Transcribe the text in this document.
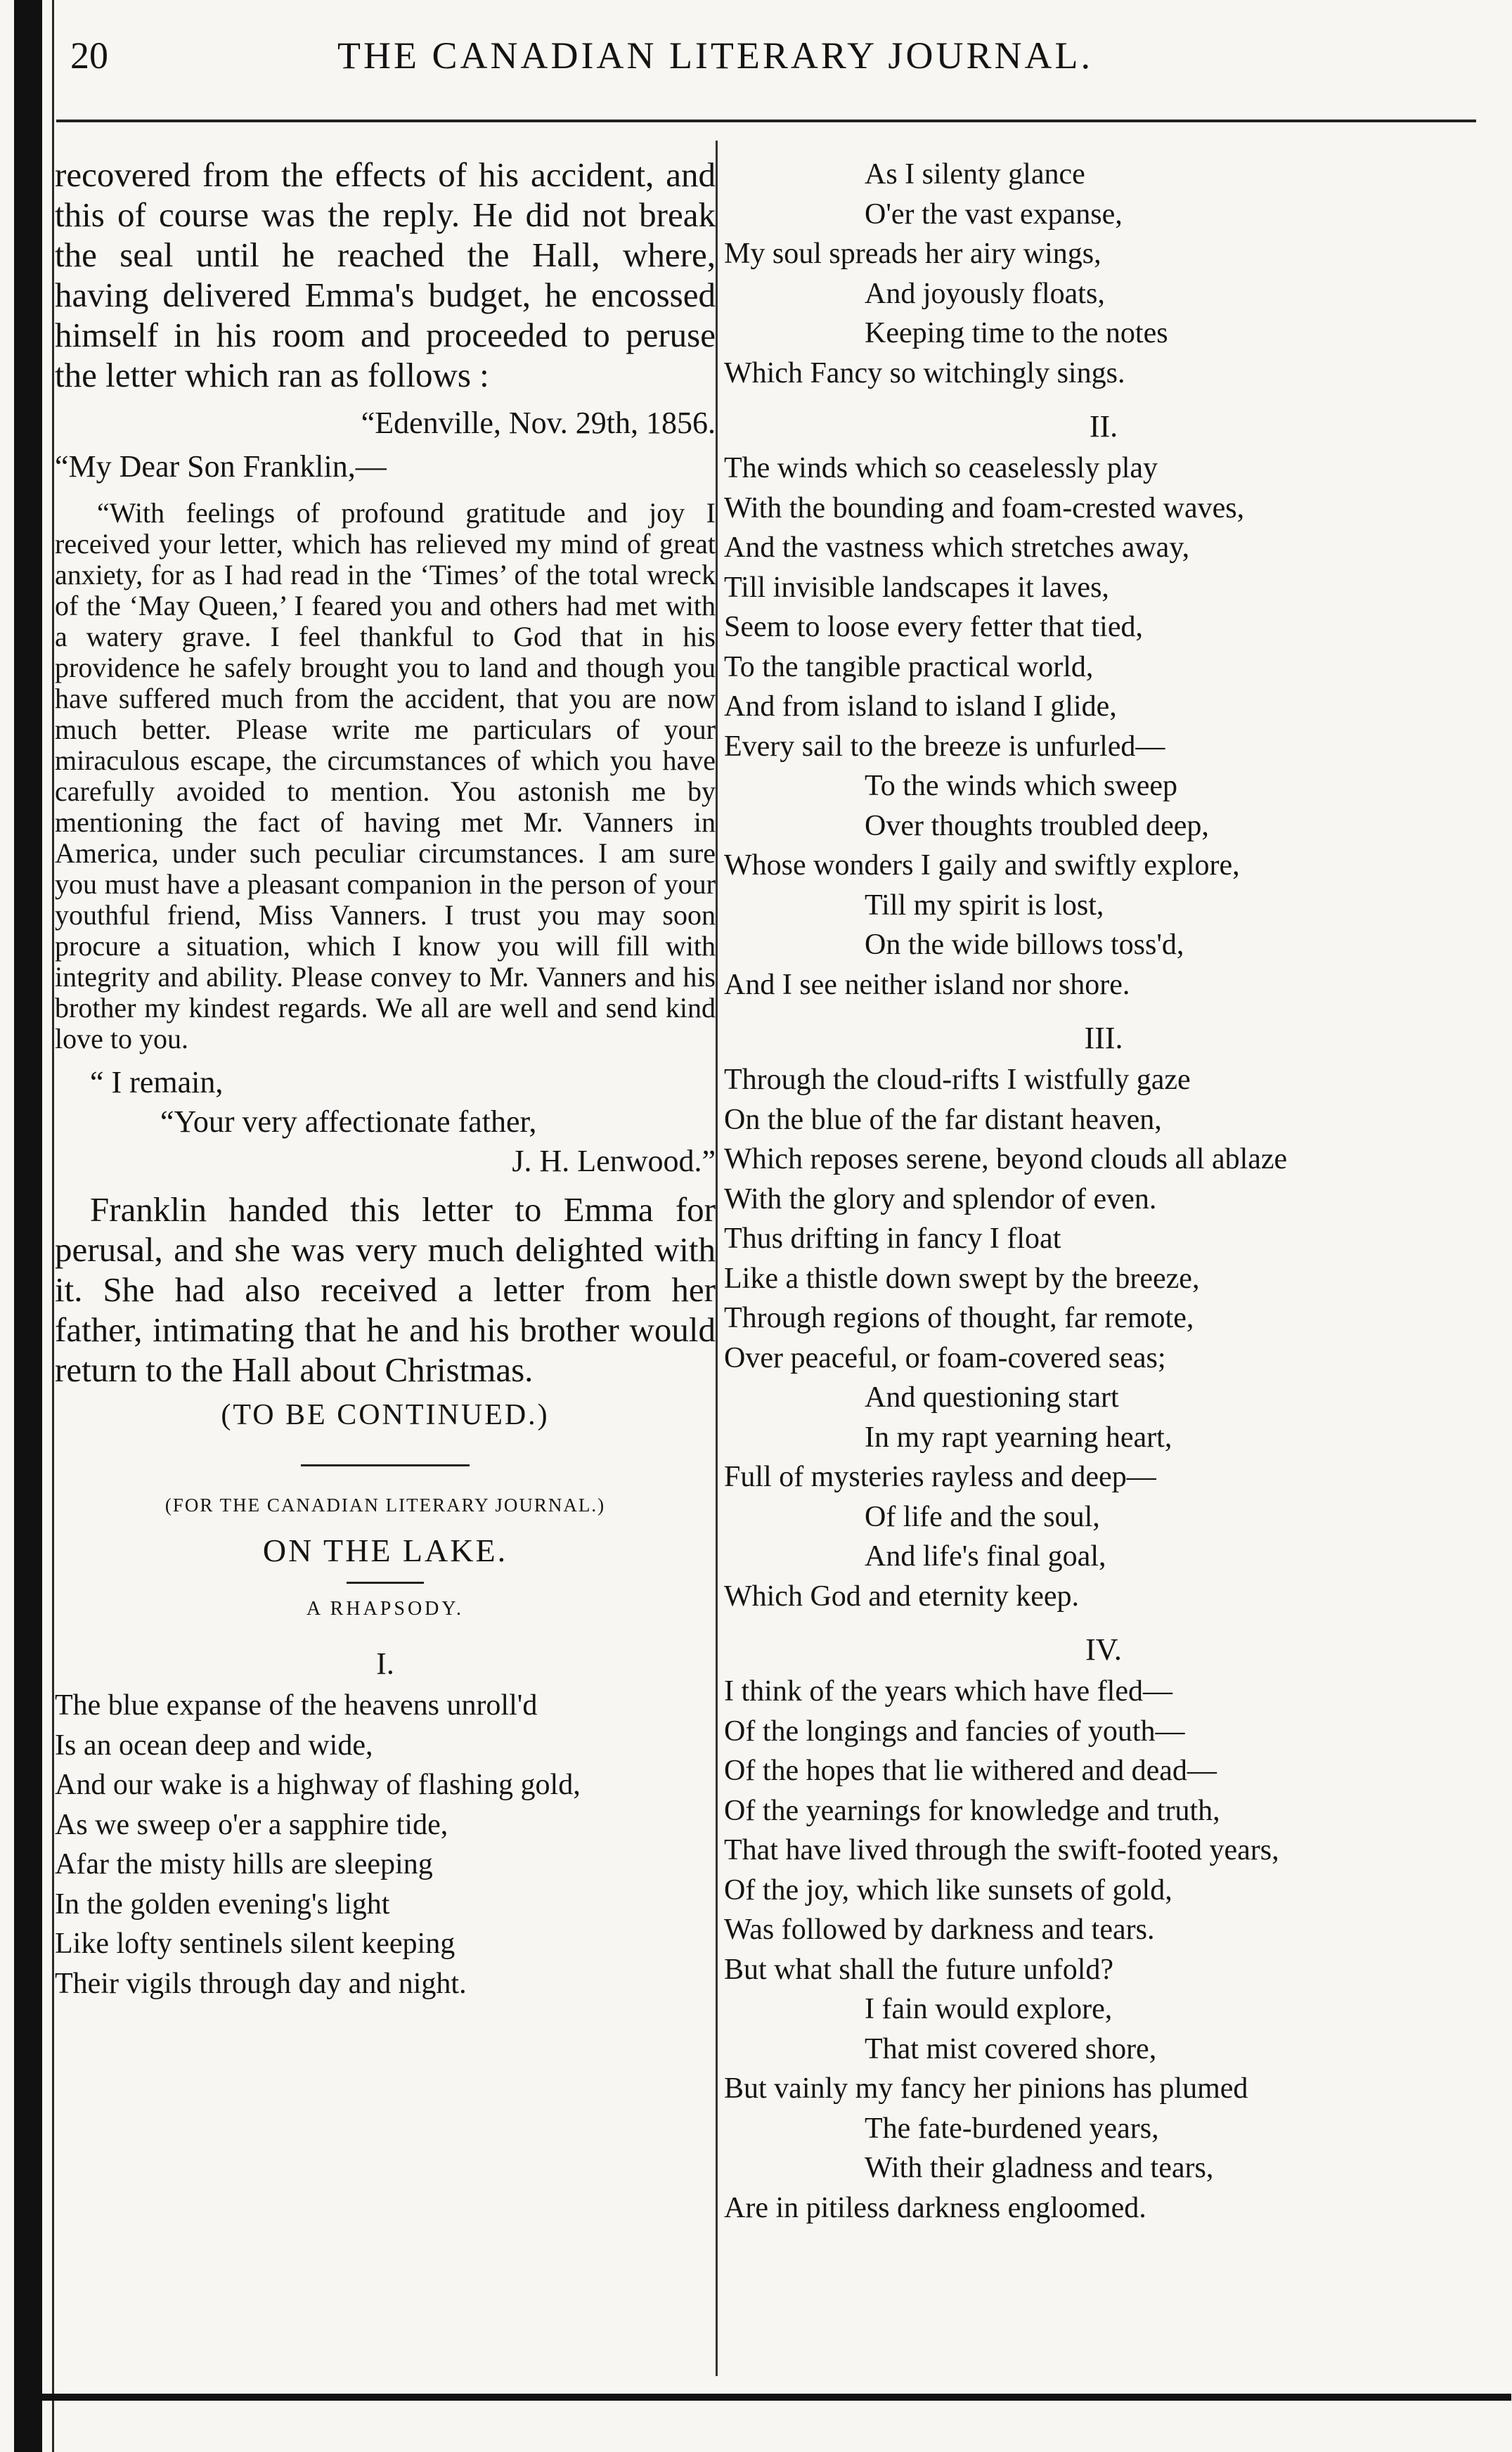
20	THE CANADIAN LITERARY JOURNAL.

recovered from the effects of his accident, and this of course was the reply. He did not break the seal until he reached the Hall, where, having delivered Emma's budget, he encossed himself in his room and proceeded to peruse the letter which ran as follows :

“Edenville, Nov. 29th, 1856.

“My Dear Son Franklin,—

“With feelings of profound gratitude and joy I received your letter, which has relieved my mind of great anxiety, for as I had read in the ‘Times’ of the total wreck of the ‘May Queen,’ I feared you and others had met with a watery grave. I feel thankful to God that in his providence he safely brought you to land and though you have suffered much from the accident, that you are now much better. Please write me particulars of your miraculous escape, the circumstances of which you have carefully avoided to mention. You astonish me by mentioning the fact of having met Mr. Vanners in America, under such peculiar circumstances. I am sure you must have a pleasant companion in the person of your youthful friend, Miss Vanners. I trust you may soon procure a situation, which I know you will fill with integrity and ability. Please convey to Mr. Vanners and his brother my kindest regards. We all are well and send kind love to you.

“ I remain,

“Your very affectionate father,

J. H. Lenwood.”

Franklin handed this letter to Emma for perusal, and she was very much delighted with it. She had also received a letter from her father, intimating that he and his brother would return to the Hall about Christmas.

(TO BE CONTINUED.)

(FOR THE CANADIAN LITERARY JOURNAL.)
ON THE LAKE.
A RHAPSODY.
I.

The blue expanse of the heavens unroll'd

Is an ocean deep and wide,

And our wake is a highway of flashing gold,

As we sweep o'er a sapphire tide,

Afar the misty hills are sleeping

In the golden evening's light

Like lofty sentinels silent keeping

Their vigils through day and night.

As I silenty glance

O'er the vast expanse,

My soul spreads her airy wings,

And joyously floats,

Keeping time to the notes

Which Fancy so witchingly sings.

II.

The winds which so ceaselessly play

With the bounding and foam-crested waves,

And the vastness which stretches away,

Till invisible landscapes it laves,

Seem to loose every fetter that tied,

To the tangible practical world,

And from island to island I glide,

Every sail to the breeze is unfurled—

To the winds which sweep

Over thoughts troubled deep,

Whose wonders I gaily and swiftly explore,

Till my spirit is lost,

On the wide billows toss'd,

And I see neither island nor shore.

III.

Through the cloud-rifts I wistfully gaze

On the blue of the far distant heaven,

Which reposes serene, beyond clouds all ablaze

With the glory and splendor of even.

Thus drifting in fancy I float

Like a thistle down swept by the breeze,

Through regions of thought, far remote,

Over peaceful, or foam-covered seas;

And questioning start

In my rapt yearning heart,

Full of mysteries rayless and deep—

Of life and the soul,

And life's final goal,

Which God and eternity keep.

IV.

I think of the years which have fled—

Of the longings and fancies of youth—

Of the hopes that lie withered and dead—

Of the yearnings for knowledge and truth,

That have lived through the swift-footed years,

Of the joy, which like sunsets of gold,

Was followed by darkness and tears.

But what shall the future unfold?

I fain would explore,

That mist covered shore,

But vainly my fancy her pinions has plumed

The fate-burdened years,

With their gladness and tears,

Are in pitiless darkness engloomed.
